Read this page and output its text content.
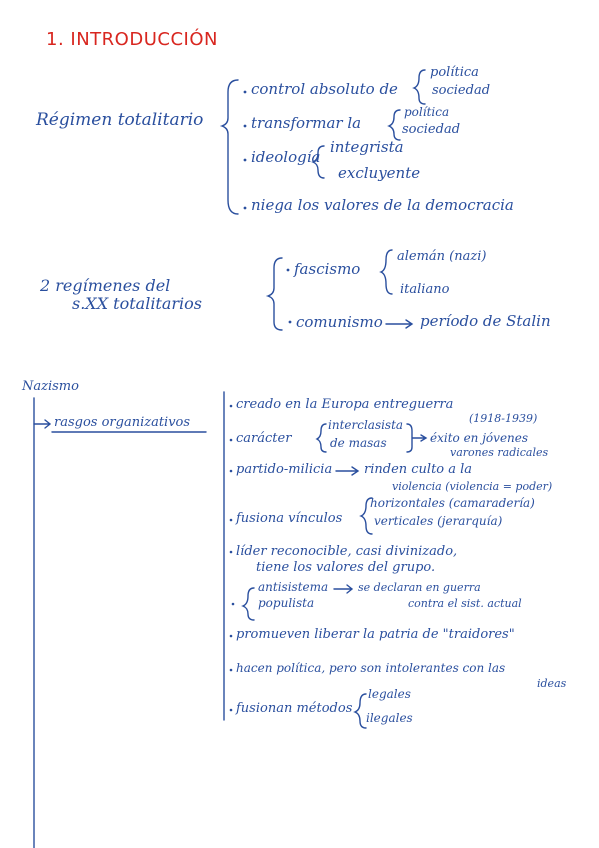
1. INTRODUCCIÓN
Régimen totalitario
control absoluto de
política
sociedad
transformar la
política
sociedad
ideología
integrista
excluyente
niega los valores de la democracia
2 regímenes del
s.XX totalitarios
fascismo
alemán (nazi)
italiano
comunismo período de Stalin
Nazismo
rasgos organizativos
creado en la Europa entreguerra
(1918-1939)
carácter
interclasista
de masas	éxito en jóvenes
varones radicales
partido-milicia rinden culto a la
violencia (violencia = poder)
fusiona vínculos
horizontales (camaradería)
verticales (jerarquía)
líder reconocible, casi divinizado,
tiene los valores del grupo.
antisistema	se declaran en guerra
populista	contra el sist. actual
promueven liberar la patria de "traidores"
hacen política, pero son intolerantes con las
ideas
fusionan métodos
legales
ilegales
